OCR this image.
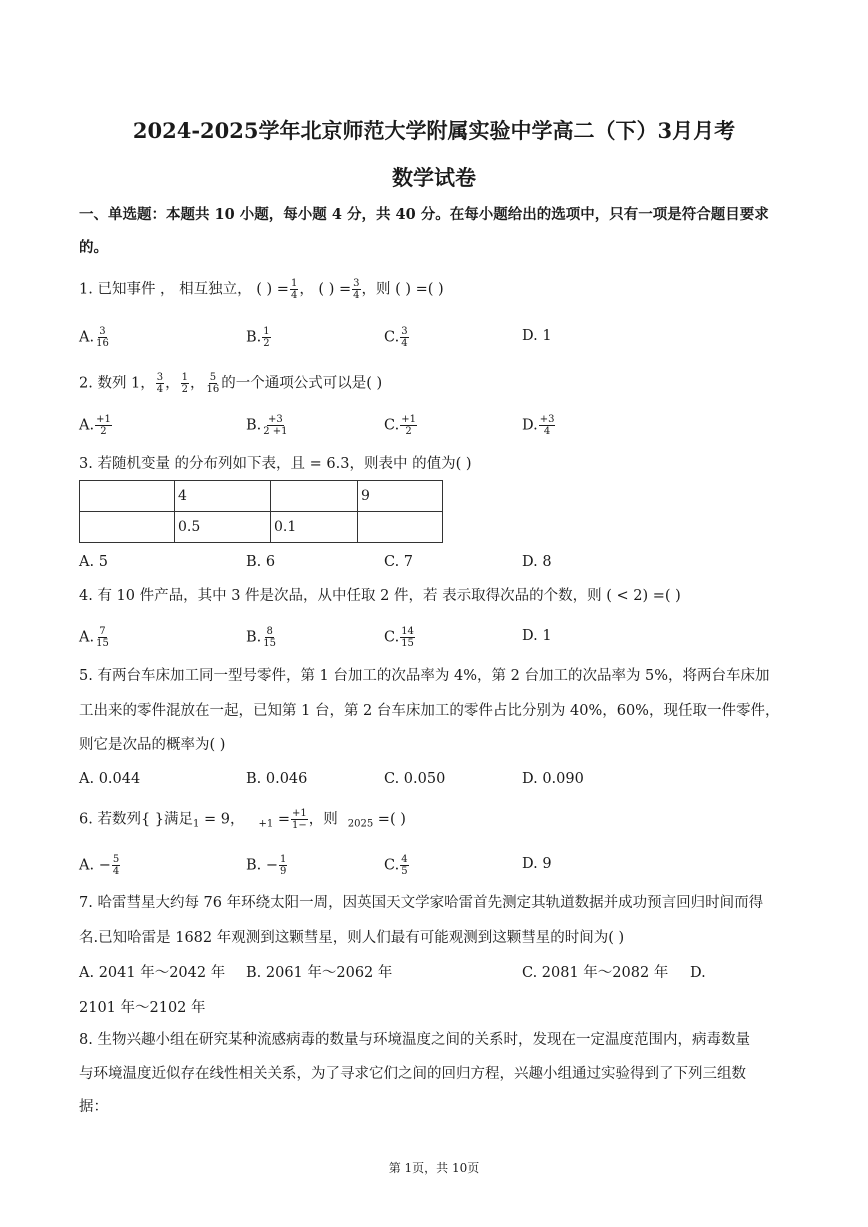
2024-2025学年北京师范大学附属实验中学高二（下）3月月考
数学试卷
一、单选题：本题共 10 小题，每小题 4 分，共 40 分。在每小题给出的选项中，只有一项是符合题目要求
的。
1. 已知事件 ， 相互独立， ( ) = $\frac{1}{4}$ ， ( ) = $\frac{3}{4}$ ，则 ( ) =( )
A. $\frac{3}{16}$	B. $\frac{1}{2}$	C. $\frac{3}{4}$	D. 1
2. 数列 1， $\frac{3}{4}$ ， $\frac{1}{2}$ ， $\frac{5}{16}$ 的一个通项公式可以是( )
A. $\frac{+1}{2}$	B. $\frac{+3}{2 +1}$	C. $\frac{+1}{2}$	D. $\frac{+3}{4}$
3. 若随机变量 的分布列如下表，且 = 6.3，则表中 的值为( )
	4		9
	0.5	0.1	
A. 5	B. 6	C. 7	D. 8
4. 有 10 件产品，其中 3 件是次品，从中任取 2 件，若 表示取得次品的个数，则 ( < 2) =( )
A. $\frac{7}{15}$	B. $\frac{8}{15}$	C. $\frac{14}{15}$	D. 1
5. 有两台车床加工同一型号零件，第 1 台加工的次品率为 4%，第 2 台加工的次品率为 5%，将两台车床加
工出来的零件混放在一起，已知第 1 台，第 2 台车床加工的零件占比分别为 40%，60%，现任取一件零件，
则它是次品的概率为( )
A. 0.044	B. 0.046	C. 0.050	D. 0.090
6. 若数列{ }满足$_1$ = 9， $_{+1} = \frac{+1}{1-}$ ，则 $_{2025}$ =( )
A. − $\frac{5}{4}$	B. − $\frac{1}{9}$	C. $\frac{4}{5}$	D. 9
7. 哈雷彗星大约每 76 年环绕太阳一周，因英国天文学家哈雷首先测定其轨道数据并成功预言回归时间而得
名.已知哈雷是 1682 年观测到这颗彗星，则人们最有可能观测到这颗彗星的时间为( )
A. 2041 年～2042 年 B. 2061 年～2062 年	C. 2081 年～2082 年 D.
2101 年～2102 年
8. 生物兴趣小组在研究某种流感病毒的数量与环境温度之间的关系时，发现在一定温度范围内，病毒数量
与环境温度近似存在线性相关关系，为了寻求它们之间的回归方程，兴趣小组通过实验得到了下列三组数
据：
第 1页，共 10页
